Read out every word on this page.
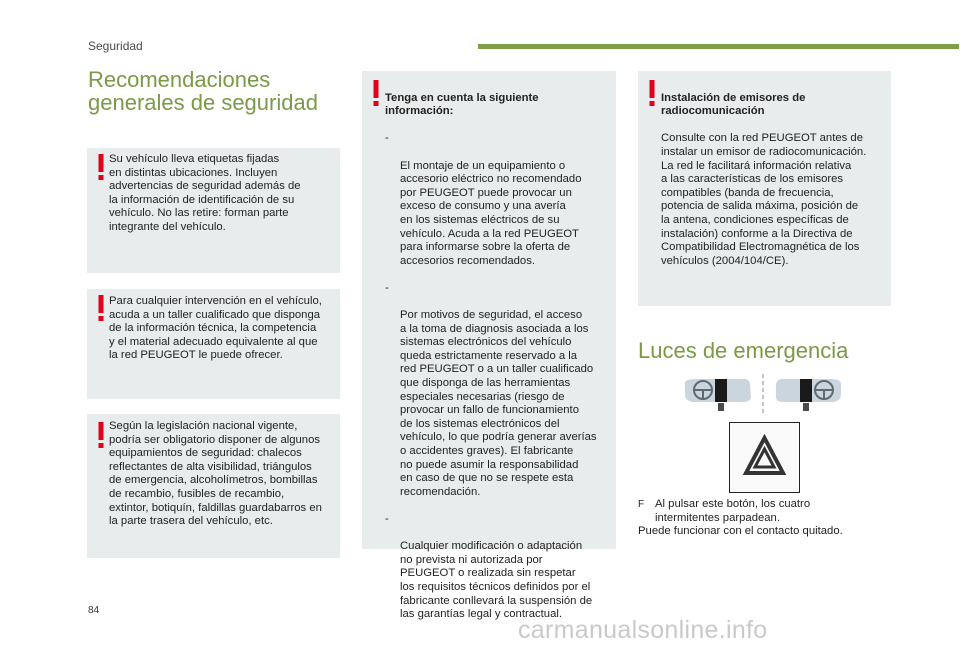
Seguridad
Recomendaciones
generales de seguridad
Su vehículo lleva etiquetas fijadas
en distintas ubicaciones. Incluyen
advertencias de seguridad además de
la información de identificación de su
vehículo. No las retire: forman parte
integrante del vehículo.
Para cualquier intervención en el vehículo,
acuda a un taller cualificado que disponga
de la información técnica, la competencia
y el material adecuado equivalente al que
la red PEUGEOT le puede ofrecer.
Según la legislación nacional vigente,
podría ser obligatorio disponer de algunos
equipamientos de seguridad: chalecos
reflectantes de alta visibilidad, triángulos
de emergencia, alcoholímetros, bombillas
de recambio, fusibles de recambio,
extintor, botiquín, faldillas guardabarros en
la parte trasera del vehículo, etc.

Tenga en cuenta la siguiente
información:

-

El montaje de un equipamiento o
accesorio eléctrico no recomendado
por PEUGEOT puede provocar un
exceso de consumo y una avería
en los sistemas eléctricos de su
vehículo. Acuda a la red PEUGEOT
para informarse sobre la oferta de
accesorios recomendados.

-

Por motivos de seguridad, el acceso
a la toma de diagnosis asociada a los
sistemas electrónicos del vehículo
queda estrictamente reservado a la
red PEUGEOT o a un taller cualificado
que disponga de las herramientas
especiales necesarias (riesgo de
provocar un fallo de funcionamiento
de los sistemas electrónicos del
vehículo, lo que podría generar averías
o accidentes graves). El fabricante
no puede asumir la responsabilidad
en caso de que no se respete esta
recomendación.

-

Cualquier modificación o adaptación
no prevista ni autorizada por
PEUGEOT o realizada sin respetar
los requisitos técnicos definidos por el
fabricante conllevará la suspensión de
las garantías legal y contractual.

Instalación de emisores de
radiocomunicación

Consulte con la red PEUGEOT antes de
instalar un emisor de radiocomunicación.
La red le facilitará información relativa
a las características de los emisores
compatibles (banda de frecuencia,
potencia de salida máxima, posición de
la antena, condiciones específicas de
instalación) conforme a la Directiva de
Compatibilidad Electromagnética de los
vehículos (2004/104/CE).

Luces de emergencia
F Al pulsar este botón, los cuatro
intermitentes parpadean.
Puede funcionar con el contacto quitado.
84
carmanualsonline.info
